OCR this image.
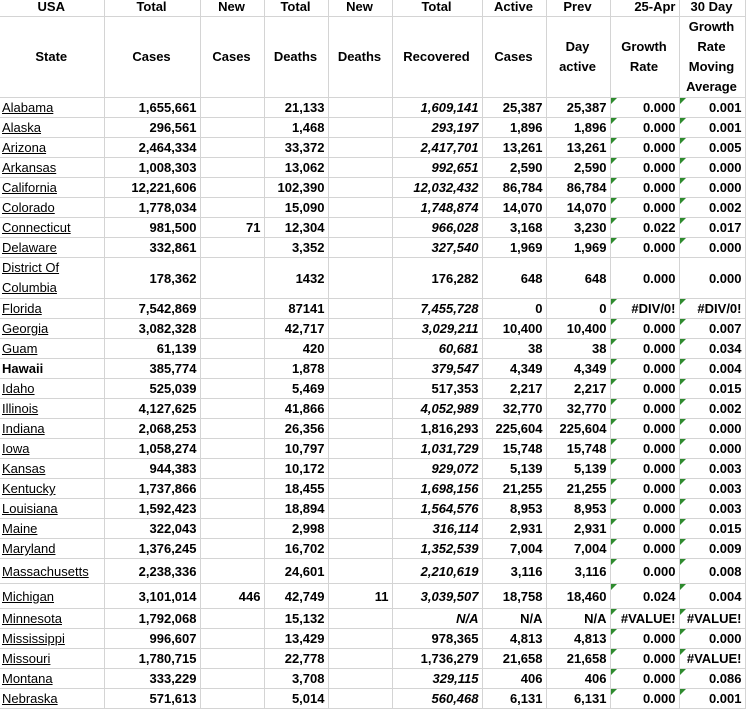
USA	Total	New	Total	New	Total	Active	Prev	25-Apr	30 Day
State	Cases	Cases	Deaths	Deaths	Recovered	Cases	Day active	Growth Rate	Growth Rate Moving Average
Alabama	1,655,661		21,133		1,609,141	25,387	25,387	0.000	0.001
Alaska	296,561		1,468		293,197	1,896	1,896	0.000	0.001
Arizona	2,464,334		33,372		2,417,701	13,261	13,261	0.000	0.005
Arkansas	1,008,303		13,062		992,651	2,590	2,590	0.000	0.000
California	12,221,606		102,390		12,032,432	86,784	86,784	0.000	0.000
Colorado	1,778,034		15,090		1,748,874	14,070	14,070	0.000	0.002
Connecticut	981,500	71	12,304		966,028	3,168	3,230	0.022	0.017
Delaware	332,861		3,352		327,540	1,969	1,969	0.000	0.000
District Of Columbia	178,362		1432		176,282	648	648	0.000	0.000
Florida	7,542,869		87141		7,455,728	0	0	#DIV/0!	#DIV/0!
Georgia	3,082,328		42,717		3,029,211	10,400	10,400	0.000	0.007
Guam	61,139		420		60,681	38	38	0.000	0.034
Hawaii	385,774		1,878		379,547	4,349	4,349	0.000	0.004
Idaho	525,039		5,469		517,353	2,217	2,217	0.000	0.015
Illinois	4,127,625		41,866		4,052,989	32,770	32,770	0.000	0.002
Indiana	2,068,253		26,356		1,816,293	225,604	225,604	0.000	0.000
Iowa	1,058,274		10,797		1,031,729	15,748	15,748	0.000	0.000
Kansas	944,383		10,172		929,072	5,139	5,139	0.000	0.003
Kentucky	1,737,866		18,455		1,698,156	21,255	21,255	0.000	0.003
Louisiana	1,592,423		18,894		1,564,576	8,953	8,953	0.000	0.003
Maine	322,043		2,998		316,114	2,931	2,931	0.000	0.015
Maryland	1,376,245		16,702		1,352,539	7,004	7,004	0.000	0.009
Massachusetts	2,238,336		24,601		2,210,619	3,116	3,116	0.000	0.008
Michigan	3,101,014	446	42,749	11	3,039,507	18,758	18,460	0.024	0.004
Minnesota	1,792,068		15,132		N/A	N/A	N/A	#VALUE!	#VALUE!
Mississippi	996,607		13,429		978,365	4,813	4,813	0.000	0.000
Missouri	1,780,715		22,778		1,736,279	21,658	21,658	0.000	#VALUE!
Montana	333,229		3,708		329,115	406	406	0.000	0.086
Nebraska	571,613		5,014		560,468	6,131	6,131	0.000	0.001
